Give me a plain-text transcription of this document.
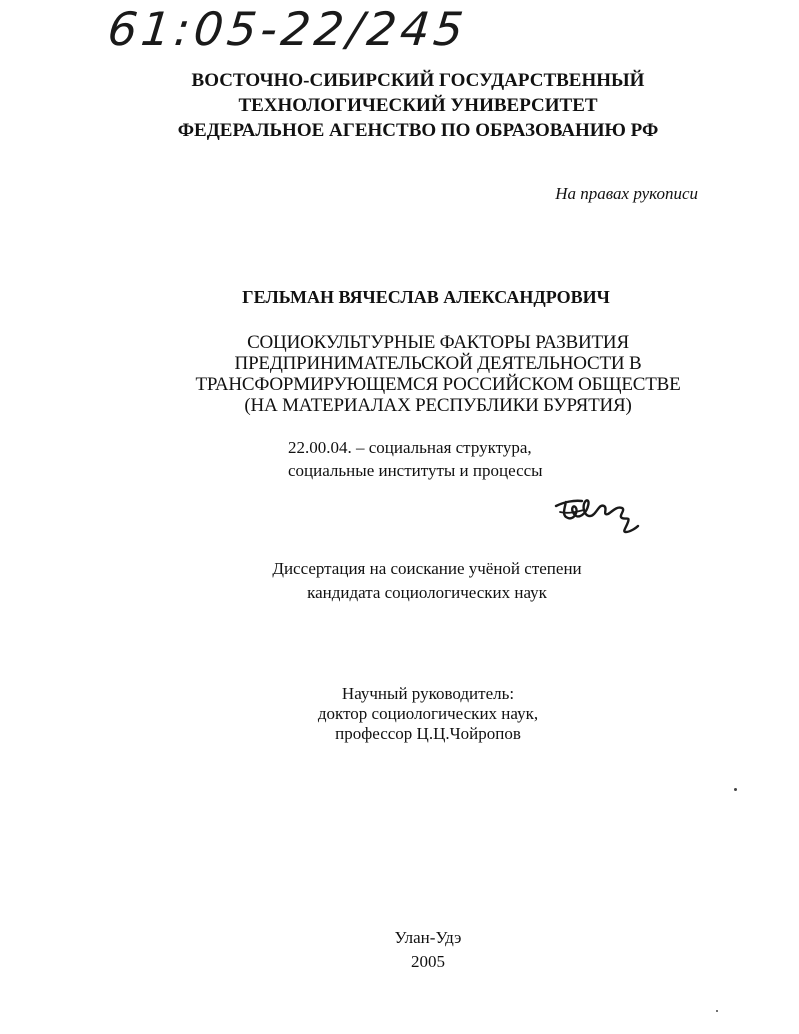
61:05-22/245
ВОСТОЧНО-СИБИРСКИЙ ГОСУДАРСТВЕННЫЙ
ТЕХНОЛОГИЧЕСКИЙ УНИВЕРСИТЕТ
ФЕДЕРАЛЬНОЕ АГЕНСТВО ПО ОБРАЗОВАНИЮ РФ
На правах рукописи
ГЕЛЬМАН ВЯЧЕСЛАВ АЛЕКСАНДРОВИЧ
СОЦИОКУЛЬТУРНЫЕ ФАКТОРЫ РАЗВИТИЯ
ПРЕДПРИНИМАТЕЛЬСКОЙ ДЕЯТЕЛЬНОСТИ В
ТРАНСФОРМИРУЮЩЕМСЯ РОССИЙСКОМ ОБЩЕСТВЕ
(НА МАТЕРИАЛАХ РЕСПУБЛИКИ БУРЯТИЯ)
22.00.04. – социальная структура,
социальные институты и процессы
Диссертация на соискание учёной степени
кандидата социологических наук
Научный руководитель:
доктор социологических наук,
профессор Ц.Ц.Чойропов
Улан-Удэ
2005
